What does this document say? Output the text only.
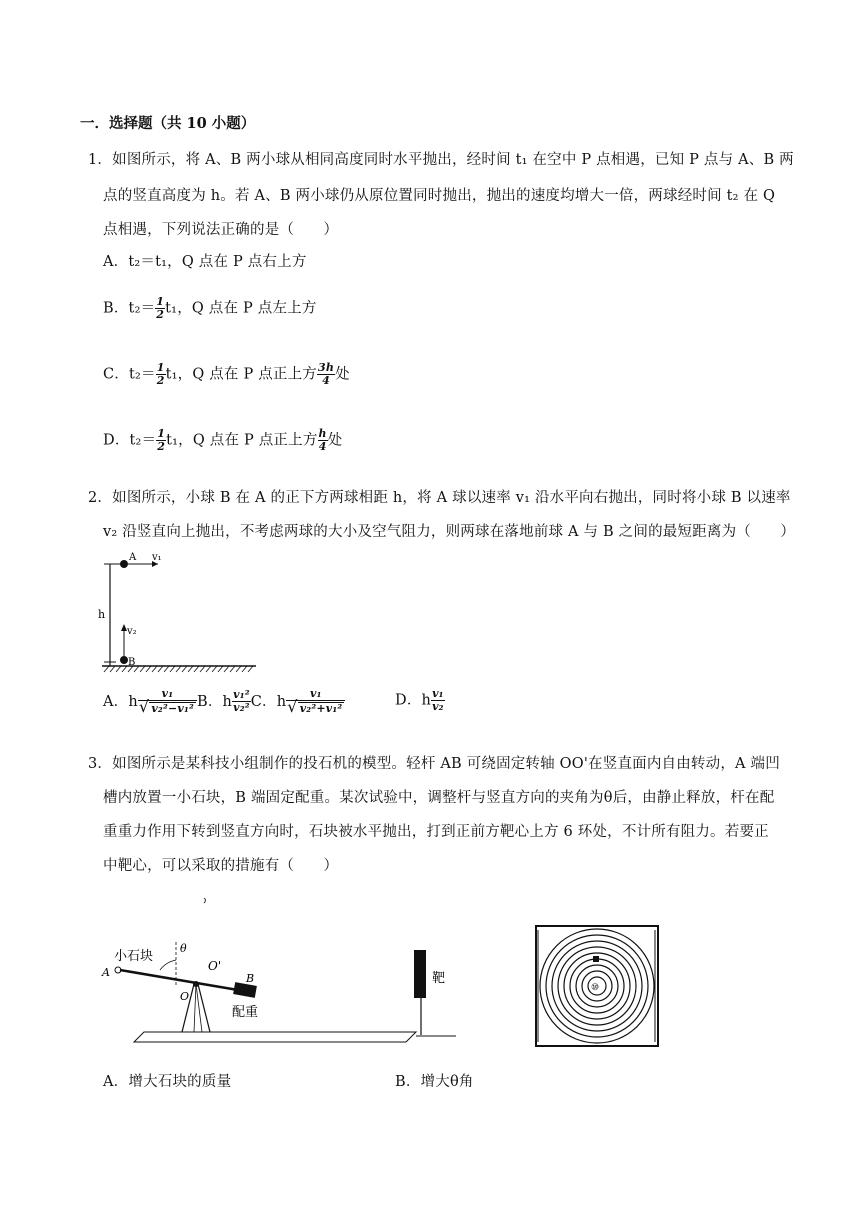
一．选择题（共 10 小题）
1．如图所示，将 A、B 两小球从相同高度同时水平抛出，经时间 t₁ 在空中 P 点相遇，已知 P 点与 A、B 两
点的竖直高度为 h。若 A、B 两小球仍从原位置同时抛出，抛出的速度均增大一倍，两球经时间 t₂ 在 Q
点相遇，下列说法正确的是（　　）
A．t₂＝t₁，Q 点在 P 点右上方
B．$t_2= \frac{1}{2} t_1$，Q 点在 P 点左上方
C．$t_2= \frac{1}{2} t_1$，Q 点在 P 点正上方 $\frac{3h}{4}$ 处
D．$t_2= \frac{1}{2} t_1$，Q 点在 P 点正上方 $\frac{h}{4}$ 处
2．如图所示，小球 B 在 A 的正下方两球相距 h，将 A 球以速率 v₁ 沿水平向右抛出，同时将小球 B 以速率
v₂ 沿竖直向上抛出，不考虑两球的大小及空气阻力，则两球在落地前球 A 与 B 之间的最短距离为（　　）
A v₁
h
v₂
B
A．h $\frac{\text{v₁}}{\text{√ v₂²−v₁²}}$ B．h $\frac{\text{v₁²}}{\text{v₂²}}$ C．h $\frac{\text{v₁}}{\text{√ v₂²+v₁²}}$	D．h $\frac{\text{v₁}}{\text{v₂}}$
3．如图所示是某科技小组制作的投石机的模型。轻杆 AB 可绕固定转轴 OO'在竖直面内自由转动，A 端凹
槽内放置一小石块，B 端固定配重。某次试验中，调整杆与竖直方向的夹角为θ后，由静止释放，杆在配
重重力作用下转到竖直方向时，石块被水平抛出，打到正前方靶心上方 6 环处，不计所有阻力。若要正
中靶心，可以采取的措施有（　　）
小石块
A
θ
O'
O
B
配重
靶
⑩
A．增大石块的质量	B．增大θ角
